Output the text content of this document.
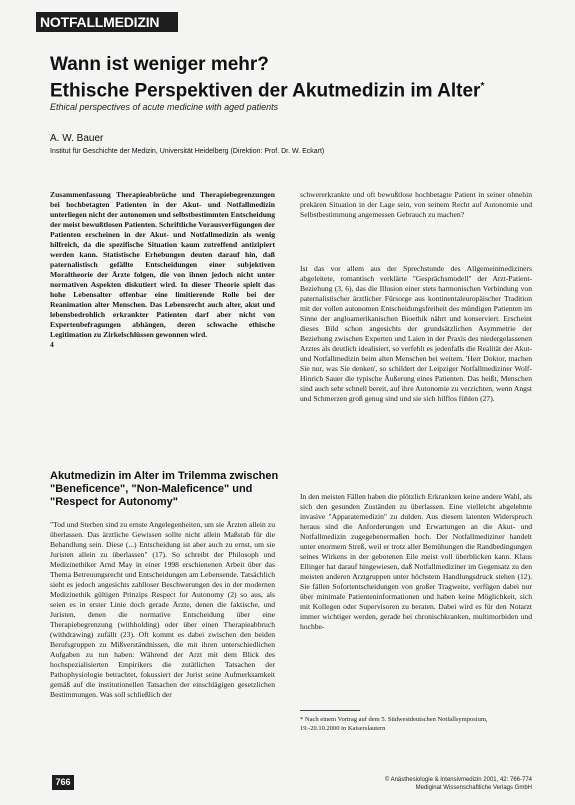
NOTFALLMEDIZIN
Wann ist weniger mehr?
Ethische Perspektiven der Akutmedizin im Alter*
Ethical perspectives of acute medicine with aged patients
A. W. Bauer
Institut für Geschichte der Medizin, Universität Heidelberg (Direktion: Prof. Dr. W. Eckart)
Zusammenfassung Therapieabbrüche und Therapiebegrenzungen bei hochbetagten Patienten in der Akut- und Notfallmedizin unterliegen nicht der autonomen und selbstbestimmten Entscheidung der meist bewußtlosen Patienten. Schriftliche Vorausverfügungen der Patienten erscheinen in der Akut- und Notfallmedizin als wenig hilfreich, da die spezifische Situation kaum zutreffend antizipiert werden kann. Statistische Erhebungen deuten darauf hin, daß paternalistisch gefällte Entscheidungen einer subjektiven Moraltheorie der Ärzte folgen, die von ihnen jedoch nicht unter normativen Aspekten diskutiert wird. In dieser Theorie spielt das hohe Lebensalter offenbar eine limitierende Rolle bei der Reanimation alter Menschen. Das Lebensrecht auch alter, akut und lebensbedrohlich erkrankter Patienten darf aber nicht von Expertenbefragungen abhängen, deren schwache ethische Legitimation zu Zirkelschlüssen gewonnen wird.
4
Akutmedizin im Alter im Trilemma zwischen "Beneficence", "Non-Maleficence" und "Respect for Autonomy"
"Tod und Sterben sind zu ernste Angelegenheiten, um sie Ärzten allein zu überlassen. Das ärztliche Gewissen sollte nicht allein Maßstab für die Behandlung sein. Diese (...) Entscheidung ist aber auch zu ernst, um sie Juristen allein zu überlassen" (17). So schreibt der Philosoph und Medizinethiker Arnd May in einer 1998 erschienenen Arbeit über das Thema Betreuungsrecht und Entscheidungen am Lebensende. Tatsächlich sieht es jedoch angesichts zahlloser Beschwerungen des in der modernen Medizinethik gültigen Prinzips Respect for Autonomy (2) so aus, als seien es in erster Linie doch gerade Ärzte, denen die faktische, und Juristen, denen die normative Entscheidung über eine Therapiebegrenzung (withholding) oder über einen Therapieabbruch (withdrawing) zufällt (23). Oft kommt es dabei zwischen den beiden Berufsgruppen zu Mißverständnissen, die mit ihren unterschiedlichen Aufgaben zu tun haben: Während der Arzt mit dem Blick des hochspezialisierten Empirikers die zutätlichen Tatsachen der Pathophysiologie betrachtet, fokussiert der Jurist seine Aufmerksamkeit gemäß auf die institutionellen Tatsachen der einschlägigen gesetzlichen Bestimmungen. Was soll schließlich der
schwererkrankte und oft bewußtlose hochbetagte Patient in seiner ohnehin prekären Situation in der Lage sein, von seinem Recht auf Autonomie und Selbstbestimmung angemessen Gebrauch zu machen?
Ist das vor allem aus der Sprechstunde des Allgemeinmediziners abgeleitete, romantisch verklärte "Gesprächsmodell" der Arzt-Patient-Beziehung (3, 6), das die Illusion einer stets harmonischen Verbindung von paternalistischer ärztlicher Fürsorge aus kontinentaleuropäischer Tradition mit der vollen autonomen Entscheidungsfreiheit des mündigen Patienten im Sinne der angloamerikanischen Bioethik nährt und konserviert. Erscheint dieses Bild schon angesichts der grundsätzlichen Asymmetrie der Beziehung zwischen Experten und Laien in der Praxis des niedergelassenen Arztes als deutlich idealisiert, so verfehlt es jedenfalls die Realität der Akut- und Notfallmedizin beim alten Menschen bei weitem. 'Herr Doktor, machen Sie nur, was Sie denken', so schildert der Leipziger Notfallmediziner Wolf-Hinrich Sauer die typische Äußerung eines Patienten. Das heißt, Menschen sind auch sehr schnell bereit, auf ihre Autonomie zu verzichten, wenn Angst und Schmerzen groß genug sind und sie sich hilflos fühlen (27).
In den meisten Fällen haben die plötzlich Erkrankten keine andere Wahl, als sich den gesunden Zuständen zu überlassen. Eine vielleicht abgelehnte invasive "Apparatemedizin" zu dulden. Aus diesem latenten Widerspruch heraus sind die Anforderungen und Erwartungen an die Akut- und Notfallmedizin zugegebenermaßen hoch. Der Notfallmediziner handelt unter enormem Streß, weil er trotz aller Bemühungen die Randbedingungen seines Wirkens in der gebotenen Eile meist voll überblicken kann. Klaus Ellinger hat darauf hingewiesen, daß Notfallmediziner im Gegensatz zu den meisten anderen Arztgruppen unter höchstem Handlungsdruck stehen (12). Sie fällen Sofortentscheidungen von großer Tragweite, verfügen dabei nur über minimale Patienteninformationen und haben keine Möglichkeit, sich mit Kollegen oder Supervisoren zu beraten. Dabei wird es für den Notarzt immer wichtiger werden, gerade bei chronischkranken, multimorbiden und hochbe-
* Nach einem Vortrag auf dem 5. Südwestdeutschen Notfallsymposium, 19.-20.10.2000 in Kaiserslautern
766	© Anästhesiologie & Intensivmedizin 2001, 42: 766-774
Mediginat Wissenschaftliche Verlags GmbH
